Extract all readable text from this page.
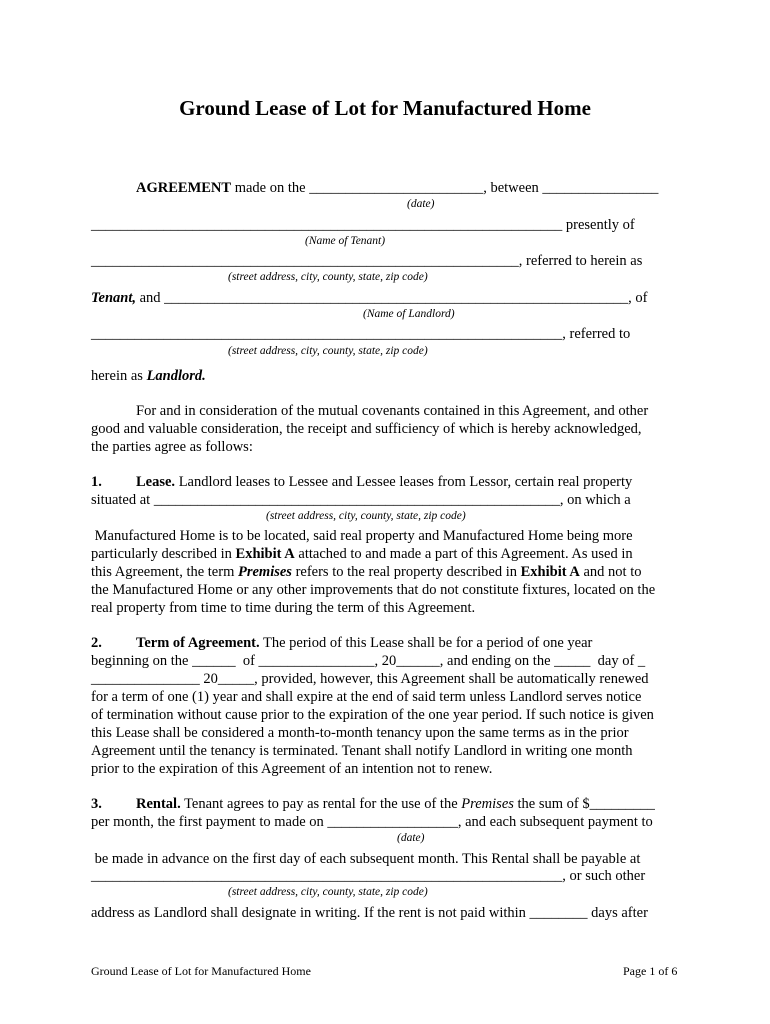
Ground Lease of Lot for Manufactured Home
AGREEMENT made on the ________________________, between ________________
(date)
_________________________________________________________________ presently of
(Name of Tenant)
___________________________________________________________, referred to herein as
(street address, city, county, state, zip code)
Tenant, and ________________________________________________________________, of
(Name of Landlord)
_________________________________________________________________, referred to
(street address, city, county, state, zip code)
herein as Landlord.
For and in consideration of the mutual covenants contained in this Agreement, and other
good and valuable consideration, the receipt and sufficiency of which is hereby acknowledged,
the parties agree as follows:
1. Lease. Landlord leases to Lessee and Lessee leases from Lessor, certain real property
situated at ________________________________________________________, on which a
(street address, city, county, state, zip code)
Manufactured Home is to be located, said real property and Manufactured Home being more
particularly described in Exhibit A attached to and made a part of this Agreement. As used in
this Agreement, the term Premises refers to the real property described in Exhibit A and not to
the Manufactured Home or any other improvements that do not constitute fixtures, located on the
real property from time to time during the term of this Agreement.
2. Term of Agreement. The period of this Lease shall be for a period of one year
beginning on the ______  of ________________, 20______, and ending on the _____  day of _
_______________ 20_____, provided, however, this Agreement shall be automatically renewed
for a term of one (1) year and shall expire at the end of said term unless Landlord serves notice
of termination without cause prior to the expiration of the one year period. If such notice is given
this Lease shall be considered a month-to-month tenancy upon the same terms as in the prior
Agreement until the tenancy is terminated. Tenant shall notify Landlord in writing one month
prior to the expiration of this Agreement of an intention not to renew.
3. Rental. Tenant agrees to pay as rental for the use of the Premises the sum of $_________
per month, the first payment to made on __________________, and each subsequent payment to
(date)
be made in advance on the first day of each subsequent month. This Rental shall be payable at
_________________________________________________________________, or such other
(street address, city, county, state, zip code)
address as Landlord shall designate in writing. If the rent is not paid within ________ days after
Ground Lease of Lot for Manufactured Home	Page 1 of 6
